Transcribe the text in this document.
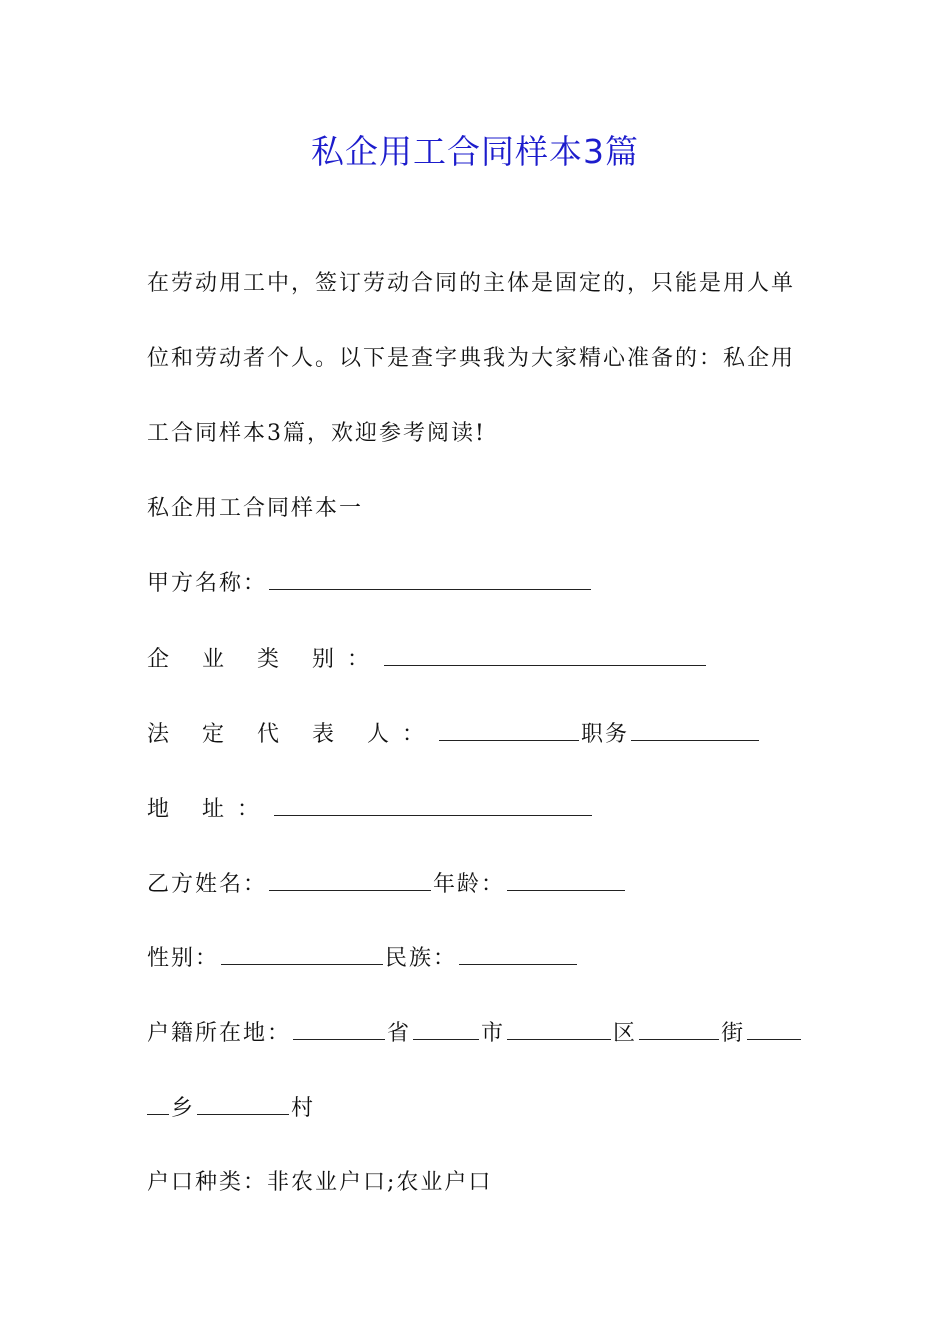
私企用工合同样本3篇
在劳动用工中，签订劳动合同的主体是固定的，只能是用人单
位和劳动者个人。以下是查字典我为大家精心准备的：私企用
工合同样本3篇，欢迎参考阅读!
私企用工合同样本一
甲方名称：
企 业 类 别：
法 定 代 表 人：	职务
地 址：
乙方姓名：	年龄：
性别：	民族：
户籍所在地：	省	市	区	街
乡	村
户口种类：非农业户口;农业户口
